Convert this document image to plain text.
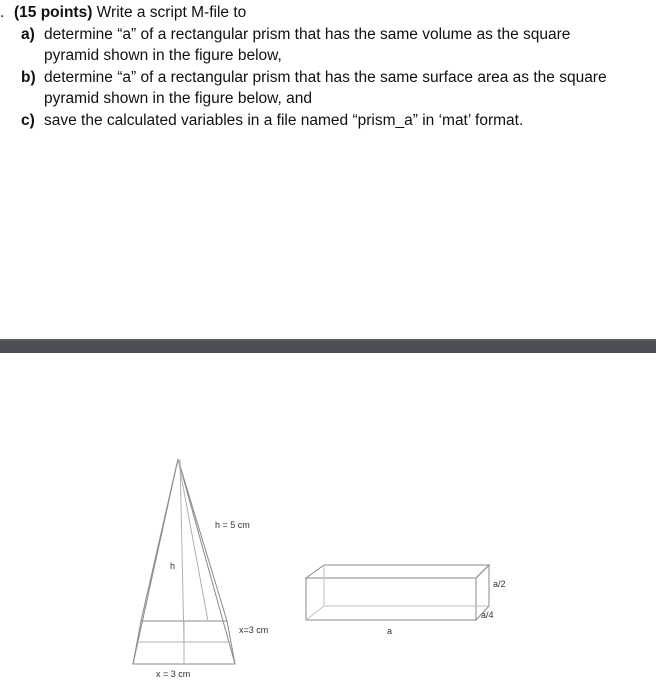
. (15 points) Write a script M-file to
a) determine “a” of a rectangular prism that has the same volume as the square
pyramid shown in the figure below,
b) determine “a” of a rectangular prism that has the same surface area as the square
pyramid shown in the figure below, and
c) save the calculated variables in a file named “prism_a” in ‘mat’ format.
h = 5 cm
h
x=3 cm
x = 3 cm
a/2
a/4
a
